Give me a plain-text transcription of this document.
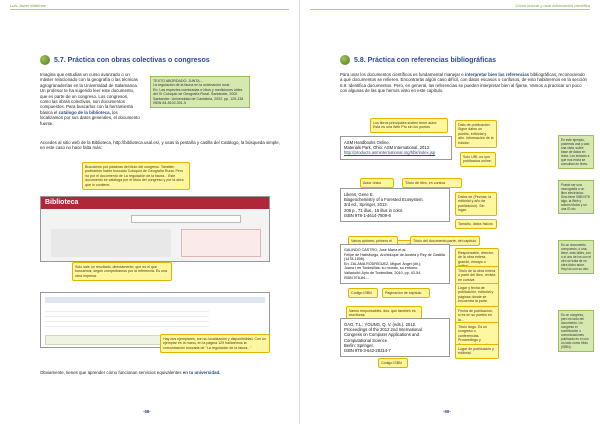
Luis Javier Martínez
5.7. Práctica con obras colectivas o congresos
Imagina que estudias un curso avanzado o un máster relacionado con la geografía o las técnicas agrogranaderías en la Universidad de Salamanca. Un profesor te ha sugerido leer este documento, que es parte de un congreso. Los congresos, como las obras colectivas, son documentos compuestos. Para buscarlos con la herramienta básica el catálogo de la biblioteca, los localizamos por sus datos generales, el documento fuente.
TEXTO ABORDADO: JUNTA...
La regulación de la fauna en la ordenación rural.
En: Las especies nombradas e hitos y mediciones útiles del XI Coloquio de Geografía Rural. Santander, 2002
Santander: Universidad de Cantabria, 2002. pp. 129-138
ISBN 84-8102-301-5
Accedes al sitio web de la Biblioteca, http://biblioteca.usal.es/, y usas la pestaña y casilla del Catálogo, la búsqueda simple, en este caso no hace falta más:
Buscamos por palabras del título del congreso. También podríamos haber buscado Coloquio de Geografía Rural. Pero no por el documento de La regulación de la fauna... Este documento se cataloga por el título del congreso y por la obra que lo contiene.
Biblioteca
Sólo sale un resultado, directamente; que es el que buscamos, según comprobamos por la referencia. Es una obra impresa.
Hay dos ejemplares, con su localización y disponibilidad. Con un ejemplar en la mano, en la página 129 hallaremos la comunicación buscada de "La regulación de la fauna..."
Obviamente, tienes que aprender cómo funcionan servicios equivalentes en tu universidad.
-58-
Cómo buscar y usar información científica
5.8. Práctica con referencias bibliográficas
Para usar los documentos científicos es fundamental manejar e interpretar bien las referencias bibliográficas, reconociendo a qué documentos se refieren. Encontrarás algún caso difícil, con datos escasos o confusos, de esto hablaremos en la sección 6.9. Identifica documentos. Pero, en general, las referencias se pueden interpretar bien al fijarse. Vamos a practicar un poco con algunas de las que hemos visto en este capítulo.
Los libros principales suelen tener autor. Esta es una Web Pro sin los puntos
Dato de publicación. Sigue datos un pueblo, editorial y año. Información de la edición
Solo URL no son publicados online.
ASM Handbooks Online.
Materials Park, Ohio: ASM International, 2013.
http://products.asminternational.org/hbk/index.jsp
En este ejemplo, podemos una y casi una vista, sobre base de datos en línea. Los enlaces a que nos envía se consultan en línea.
Autor único	Título de libro, en cursiva
Likens, Gene E.
Biogeochemistry of a Forested Ecosystem.
3rd ed., Springer, 2013.
208 p., 71 illus., 16 illus in color.
ISBN 978-1-4614-7809-6
Datos de (Fechas: la editorial y año de publicación). Sin lugar.
Tamaño, datos físicos
Puede ser una monografía o un libro electrónico. Sino tiene ISBN 978 algo, la Web y sobres títulos y un una ID sin.
Varios autores, primero el	Título del documento parte, del capítulo
GALINDO CASTRO, José María et al.
Felipe de Habsburgo, Archiduque de Austria y Rey de Castilla (1478-1506).
En: ZALAMA RODRÍGUEZ, Miguel Ángel (dir.);
Juana I en Tordesillas: su mundo, su entorno.
Valladolid: Ayto de Tordesillas, 2010, pp. 43-54.
ISBN 978-84-...
Responsable, director, de la obra entera, grande, ensayo o
Título de la obra entera o parte del libro, revista en cursiva
Lugar y fecha de publicación, editorial y páginas donde se encuentra la parte.
Código ISBN	Paginación de capítulo
Es un documento compuesto, o una, tiene, más útiles, con o si uno de los con el otro se trata de un obra dicho autor. Hay los con su otro.
Varios responsables, dos, que también es escrituras.
Fecha de publicación, si es en su pueblo en la...
GAO, T.L.; YOUNG, Q. V. (eds.). 2012.
Proceedings of the 2012 2nd International
Congress on Computer Applications and
Computational Science.
Berlin: Springer.
ISBN 978-3-642-28314-7
Título largo. Es un congreso o conferencias. Proceedings y
Lugar de publicación y editorial.
Código ISBN
Es un congreso, pero es todo del documento. Un congreso el contribución o comunicaciones publicado en el con un lado como título (ISBN).
-59-
